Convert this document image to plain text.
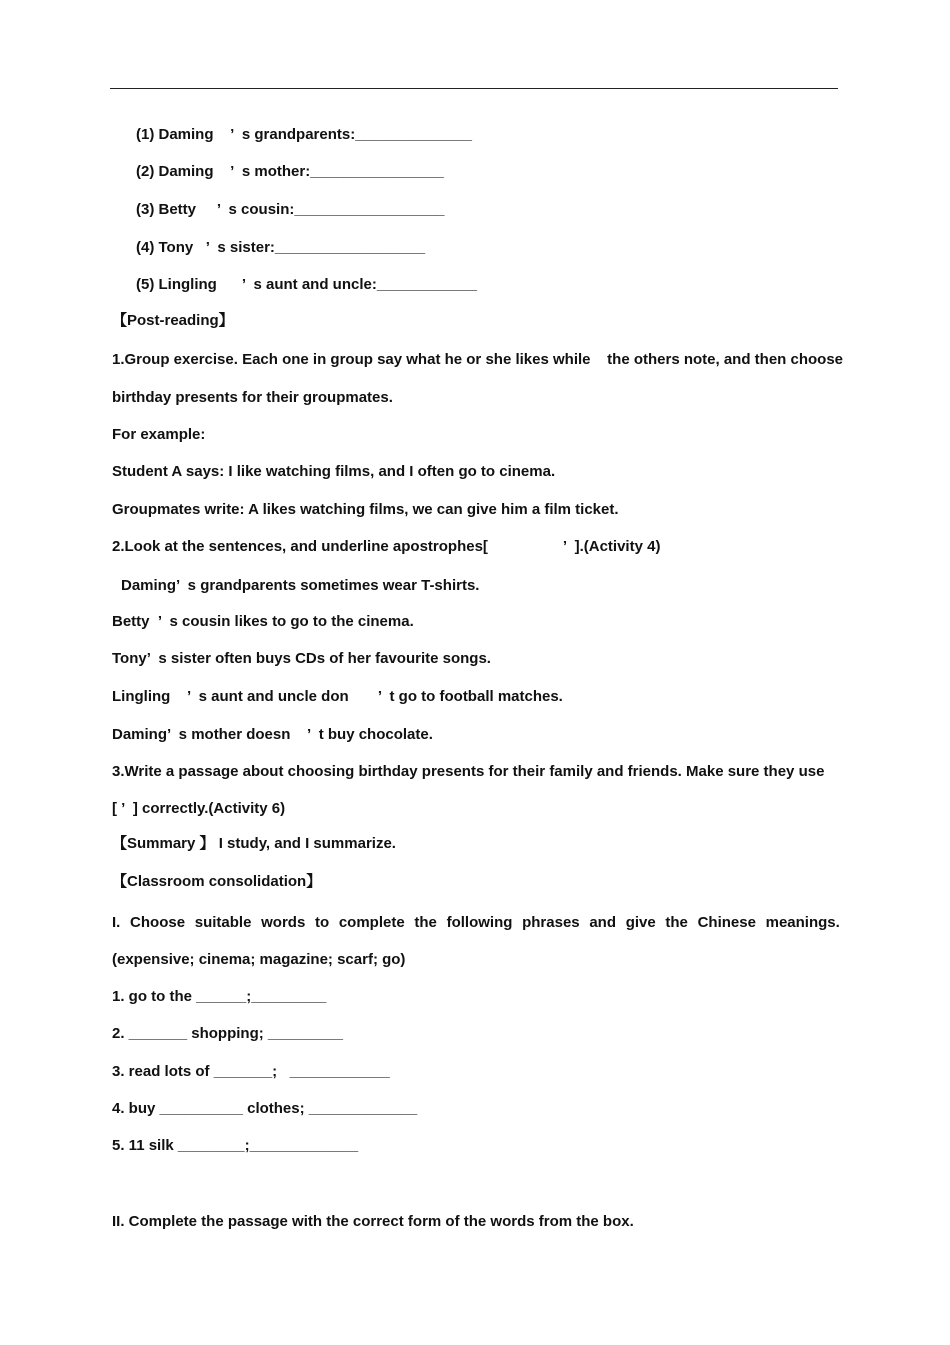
(1) Daming    ’  s grandparents:______________
(2) Daming    ’  s mother:________________
(3) Betty     ’  s cousin:__________________
(4) Tony   ’  s sister:__________________
(5) Lingling      ’  s aunt and uncle:____________
【Post-reading】
1.Group exercise. Each one in group say what he or she likes while    the others note, and then choose
birthday presents for their groupmates.
For example:
Student A says: I like watching films, and I often go to cinema.
Groupmates write: A likes watching films, we can give him a film ticket.
2.Look at the sentences, and underline apostrophes[                  ’  ].(Activity 4)
Daming’  s grandparents sometimes wear T-shirts.
Betty  ’  s cousin likes to go to the cinema.
Tony’  s sister often buys CDs of her favourite songs.
Lingling    ’  s aunt and uncle don       ’  t go to football matches.
Daming’  s mother doesn    ’  t buy chocolate.
3.Write a passage about choosing birthday presents for their family and friends. Make sure they use
[ ’  ] correctly.(Activity 6)
【Summary 】 I study, and I summarize.
【Classroom consolidation】
I. Choose suitable words to complete the following phrases and give the Chinese meanings.
(expensive; cinema; magazine; scarf; go)
1. go to the ______;_________
2. _______ shopping; _________
3. read lots of _______;   ____________
4. buy __________ clothes; _____________
5. 11 silk ________;_____________
II. Complete the passage with the correct form of the words from the box.
